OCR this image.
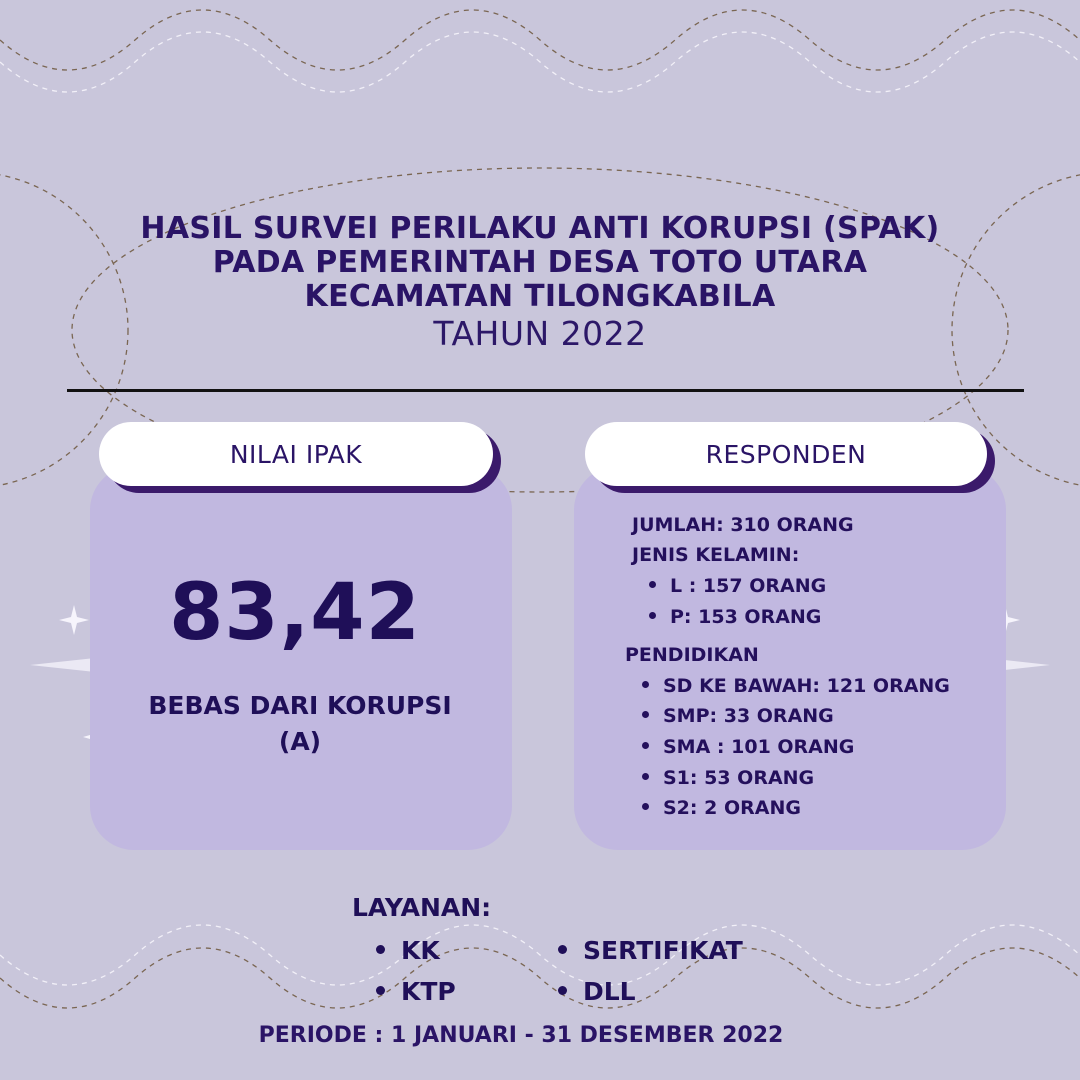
HASIL SURVEI PERILAKU ANTI KORUPSI (SPAK)
PADA PEMERINTAH DESA TOTO UTARA
KECAMATAN TILONGKABILA
TAHUN 2022
NILAI IPAK	RESPONDEN
83,42
BEBAS DARI KORUPSI
(A)
JUMLAH: 310 ORANG
JENIS KELAMIN:
L : 157 ORANG
P: 153 ORANG
PENDIDIKAN
SD KE BAWAH: 121 ORANG
SMP: 33 ORANG
SMA : 101 ORANG
S1: 53 ORANG
S2: 2 ORANG
LAYANAN:
KK
KTP
SERTIFIKAT
DLL
PERIODE : 1 JANUARI - 31 DESEMBER 2022
